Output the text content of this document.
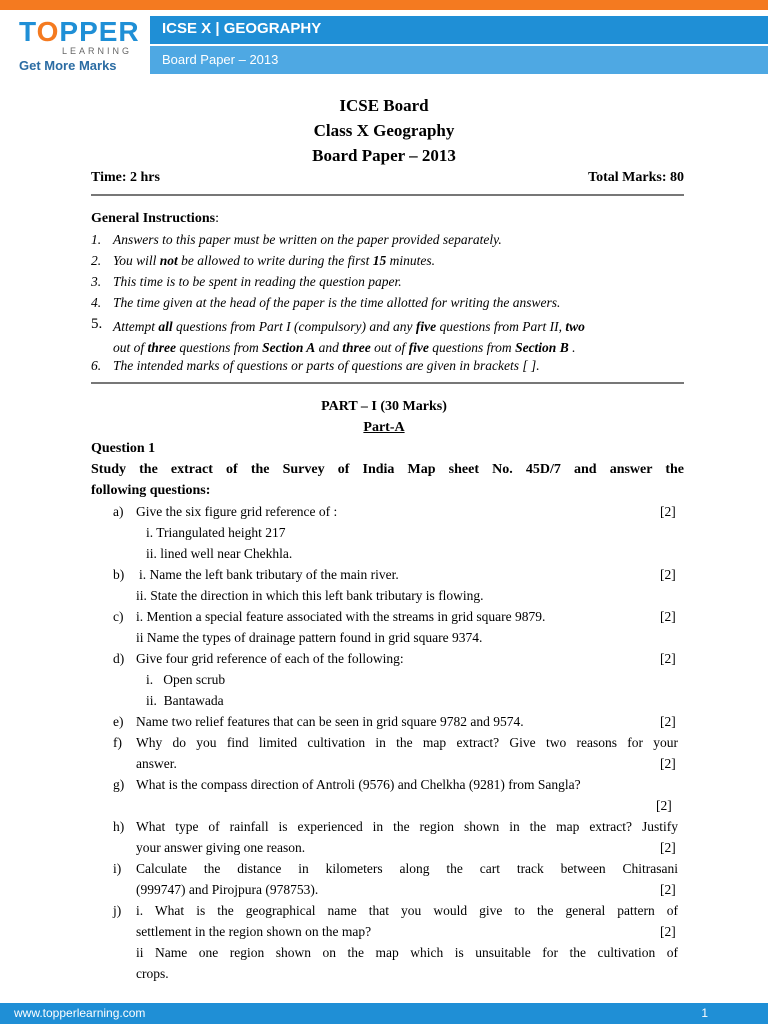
TOPPER
LEARNING
Get More Marks
ICSE X | GEOGRAPHY
Board Paper – 2013
ICSE Board
Class X Geography
Board Paper – 2013
Time: 2 hrs	Total Marks: 80
General Instructions:
1. Answers to this paper must be written on the paper provided separately.
2. You will not be allowed to write during the first 15 minutes.
3. This time is to be spent in reading the question paper.
4. The time given at the head of the paper is the time allotted for writing the answers.
5. Attempt all questions from Part I (compulsory) and any five questions from Part II, two
out of three questions from Section A and three out of five questions from Section B .
6. The intended marks of questions or parts of questions are given in brackets [ ].
PART – I (30 Marks)
Part-A
Question 1
Study the extract of the Survey of India Map sheet No. 45D/7 and answer the
following questions:
a) Give the six figure grid reference of :	[2]
i. Triangulated height 217
ii. lined well near Chekhla.
b) i. Name the left bank tributary of the main river.	[2]
ii. State the direction in which this left bank tributary is flowing.
c) i. Mention a special feature associated with the streams in grid square 9879.	[2]
ii Name the types of drainage pattern found in grid square 9374.
d) Give four grid reference of each of the following:	[2]
i.   Open scrub
ii.  Bantawada
e) Name two relief features that can be seen in grid square 9782 and 9574.	[2]
f) Why do you find limited cultivation in the map extract? Give two reasons for your
answer.	[2]
g) What is the compass direction of Antroli (9576) and Chelkha (9281) from Sangla?
[2]
h) What type of rainfall is experienced in the region shown in the map extract? Justify
your answer giving one reason.	[2]
i) Calculate the distance in kilometers along the cart track between Chitrasani
(999747) and Pirojpura (978753).	[2]
j) i. What is the geographical name that you would give to the general pattern of
settlement in the region shown on the map?	[2]
ii Name one region shown on the map which is unsuitable for the cultivation of
crops.
www.topperlearning.com	1
